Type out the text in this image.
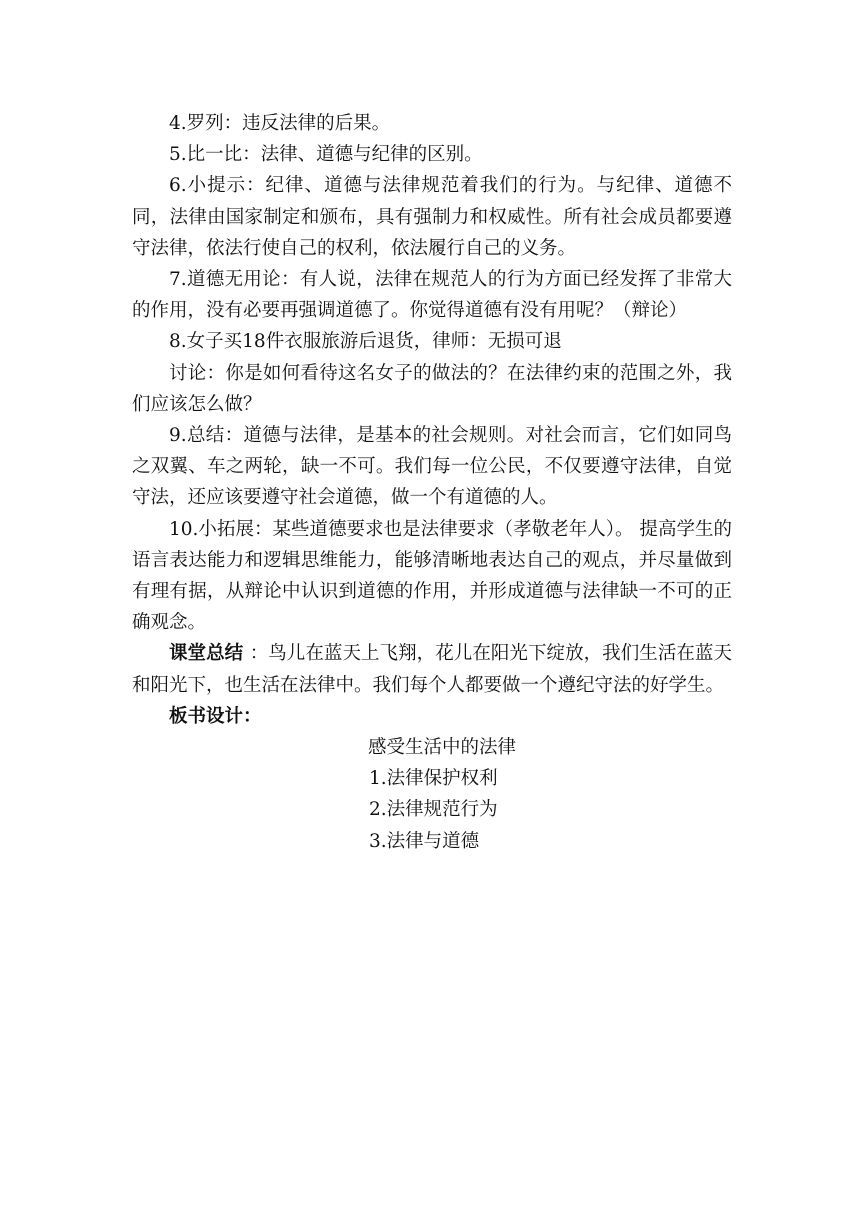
4.罗列：违反法律的后果。

5.比一比：法律、道德与纪律的区别。

6.小提示：纪律、道德与法律规范着我们的行为。与纪律、道德不同，法律由国家制定和颁布，具有强制力和权威性。所有社会成员都要遵守法律，依法行使自己的权利，依法履行自己的义务。

7.道德无用论：有人说，法律在规范人的行为方面已经发挥了非常大的作用，没有必要再强调道德了。你觉得道德有没有用呢？（辩论）

8.女子买18件衣服旅游后退货，律师：无损可退

讨论：你是如何看待这名女子的做法的？在法律约束的范围之外，我们应该怎么做？

9.总结：道德与法律，是基本的社会规则。对社会而言，它们如同鸟之双翼、车之两轮，缺一不可。我们每一位公民，不仅要遵守法律，自觉守法，还应该要遵守社会道德，做一个有道德的人。

10.小拓展：某些道德要求也是法律要求（孝敬老年人）。 提高学生的语言表达能力和逻辑思维能力，能够清晰地表达自己的观点，并尽量做到有理有据，从辩论中认识到道德的作用，并形成道德与法律缺一不可的正确观念。

课堂总结 ：鸟儿在蓝天上飞翔，花儿在阳光下绽放，我们生活在蓝天和阳光下，也生活在法律中。我们每个人都要做一个遵纪守法的好学生。

板书设计：

感受生活中的法律

1.法律保护权利

2.法律规范行为

3.法律与道德
